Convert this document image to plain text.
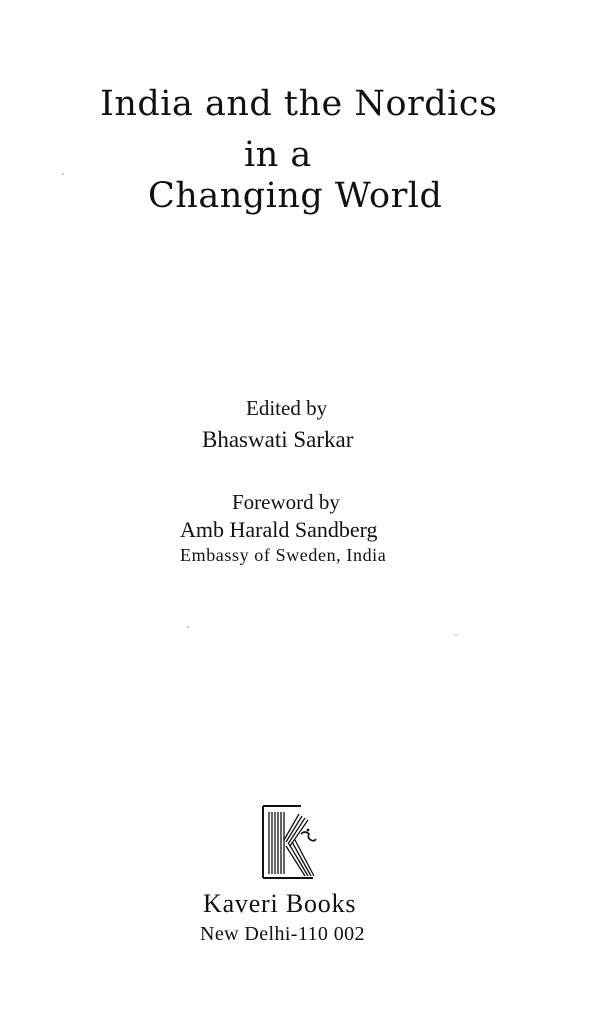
India and the Nordics
in a
Changing World
Edited by
Bhaswati Sarkar
Foreword by
Amb Harald Sandberg
Embassy of Sweden, India
Kaveri Books
New Delhi-110 002
